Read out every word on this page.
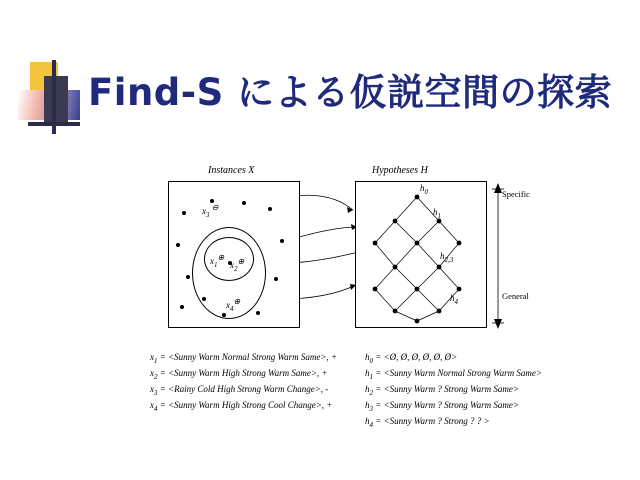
Find-S による仮説空間の探索
Instances X	Hypotheses H
$x_3$ ⊖
$x_1\oplus$
$x_2\oplus$
$x_4\oplus$
$h_0$
$h_1$
$h_{2,3}$
$h_4$
Specific
General
$x_1$ = <Sunny Warm Normal Strong Warm Same>, +
$x_2$ = <Sunny Warm High Strong Warm Same>, +
$x_3$ = <Rainy Cold High Strong Warm Change>, -
$x_4$ = <Sunny Warm High Strong Cool Change>, +
$h_0$ = <Ø, Ø, Ø, Ø, Ø, Ø>
$h_1$ = <Sunny Warm Normal Strong Warm Same>
$h_2$ = <Sunny Warm ? Strong Warm Same>
$h_3$ = <Sunny Warm ? Strong Warm Same>
$h_4$ = <Sunny Warm ? Strong ? ? >
